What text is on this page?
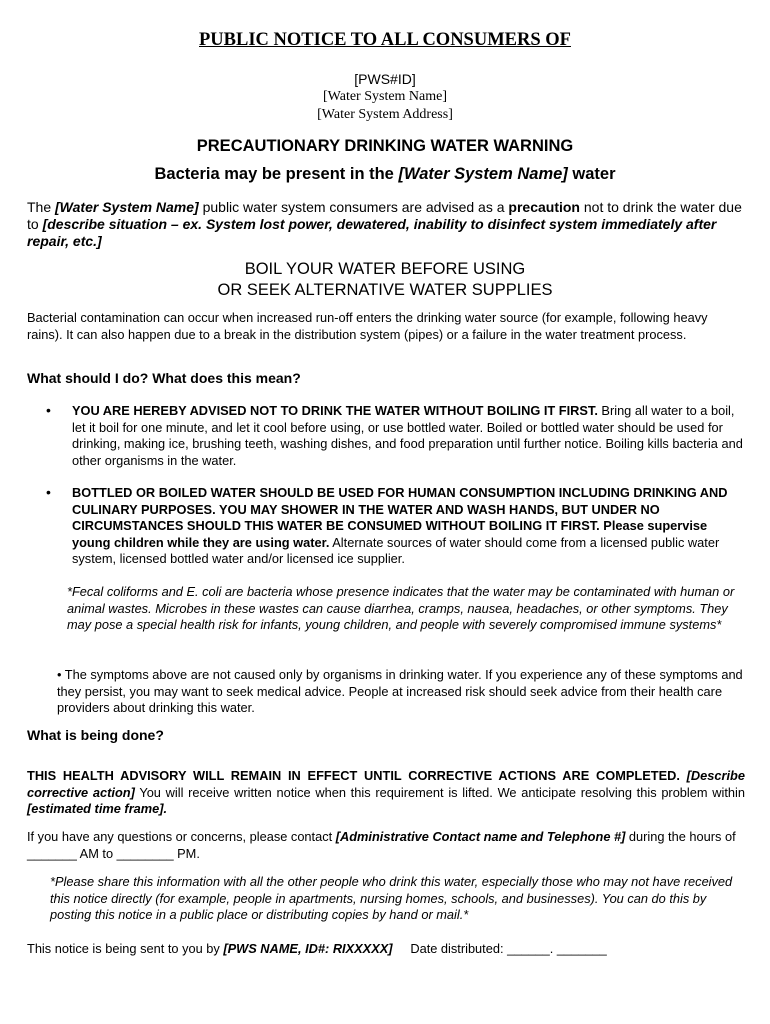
PUBLIC NOTICE TO ALL CONSUMERS OF
[PWS#ID]
[Water System Name]
[Water System Address]
PRECAUTIONARY DRINKING WATER WARNING
Bacteria may be present in the [Water System Name] water
The [Water System Name] public water system consumers are advised as a precaution not to drink the water due to [describe situation – ex. System lost power, dewatered, inability to disinfect system immediately after repair, etc.]
BOIL YOUR WATER BEFORE USING
OR SEEK ALTERNATIVE WATER SUPPLIES
Bacterial contamination can occur when increased run-off enters the drinking water source (for example, following heavy rains). It can also happen due to a break in the distribution system (pipes) or a failure in the water treatment process.
What should I do? What does this mean?
•	YOU ARE HEREBY ADVISED NOT TO DRINK THE WATER WITHOUT BOILING IT FIRST. Bring all water to a boil, let it boil for one minute, and let it cool before using, or use bottled water. Boiled or bottled water should be used for drinking, making ice, brushing teeth, washing dishes, and food preparation until further notice. Boiling kills bacteria and other organisms in the water.
•	BOTTLED OR BOILED WATER SHOULD BE USED FOR HUMAN CONSUMPTION INCLUDING DRINKING AND CULINARY PURPOSES. YOU MAY SHOWER IN THE WATER AND WASH HANDS, BUT UNDER NO CIRCUMSTANCES SHOULD THIS WATER BE CONSUMED WITHOUT BOILING IT FIRST. Please supervise young children while they are using water. Alternate sources of water should come from a licensed public water system, licensed bottled water and/or licensed ice supplier.
*Fecal coliforms and E. coli are bacteria whose presence indicates that the water may be contaminated with human or animal wastes. Microbes in these wastes can cause diarrhea, cramps, nausea, headaches, or other symptoms. They may pose a special health risk for infants, young children, and people with severely compromised immune systems*
• The symptoms above are not caused only by organisms in drinking water. If you experience any of these symptoms and they persist, you may want to seek medical advice. People at increased risk should seek advice from their health care providers about drinking this water.
What is being done?
THIS HEALTH ADVISORY WILL REMAIN IN EFFECT UNTIL CORRECTIVE ACTIONS ARE COMPLETED. [Describe corrective action] You will receive written notice when this requirement is lifted. We anticipate resolving this problem within [estimated time frame].
If you have any questions or concerns, please contact [Administrative Contact name and Telephone #] during the hours of _______ AM to ________ PM.
*Please share this information with all the other people who drink this water, especially those who may not have received this notice directly (for example, people in apartments, nursing homes, schools, and businesses). You can do this by posting this notice in a public place or distributing copies by hand or mail.*
This notice is being sent to you by [PWS NAME, ID#: RIXXXXX]     Date distributed: ______. _______
